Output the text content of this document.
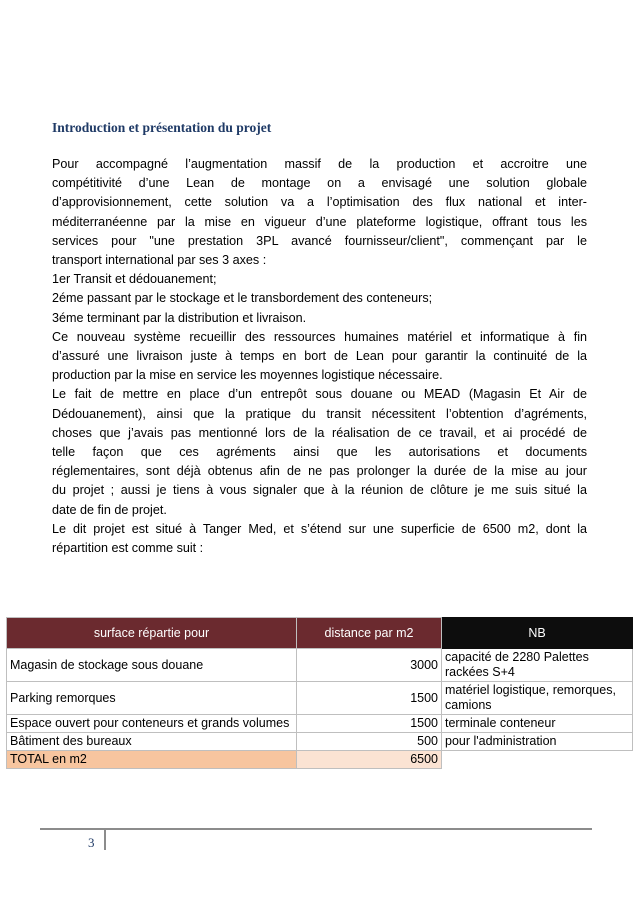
Introduction et présentation du projet

Pour accompagné l’augmentation massif de la production et accroitre une

compétitivité d’une Lean de montage on a envisagé une solution globale

d’approvisionnement, cette solution va a l’optimisation des flux national et inter-

méditerranéenne par la mise en vigueur d’une plateforme logistique, offrant tous les

services pour "une prestation 3PL avancé fournisseur/client", commençant par le

transport international par ses 3 axes :

1er Transit et dédouanement;

2éme passant par le stockage et le transbordement des conteneurs;

3éme terminant par la distribution et livraison.

Ce nouveau système recueillir des ressources humaines matériel et informatique à fin

d’assuré une livraison juste à temps en bort de Lean pour garantir la continuité de la

production par la mise en service les moyennes logistique nécessaire.

Le fait de mettre en place d’un entrepôt sous douane ou MEAD (Magasin Et Air de

Dédouanement), ainsi que la pratique du transit nécessitent l’obtention d’agréments,

choses que j’avais pas mentionné lors de la réalisation de ce travail, et ai procédé de

telle façon que ces agréments ainsi que les autorisations et documents

réglementaires, sont déjà obtenus afin de ne pas prolonger la durée de la mise au jour

du projet ; aussi je tiens à vous signaler que à la réunion de clôture je me suis situé la

date de fin de projet.

Le dit projet est situé à Tanger Med, et s’étend sur une superficie de 6500 m2, dont la

répartition est comme suit :

surface répartie pour	distance par m2	NB
Magasin de stockage sous douane	3000	capacité de 2280 Palettes rackées S+4
Parking remorques	1500	matériel logistique, remorques, camions
Espace ouvert pour conteneurs et grands volumes	1500	terminale conteneur
Bâtiment des bureaux	500	pour l'administration
TOTAL en m2	6500	
3
